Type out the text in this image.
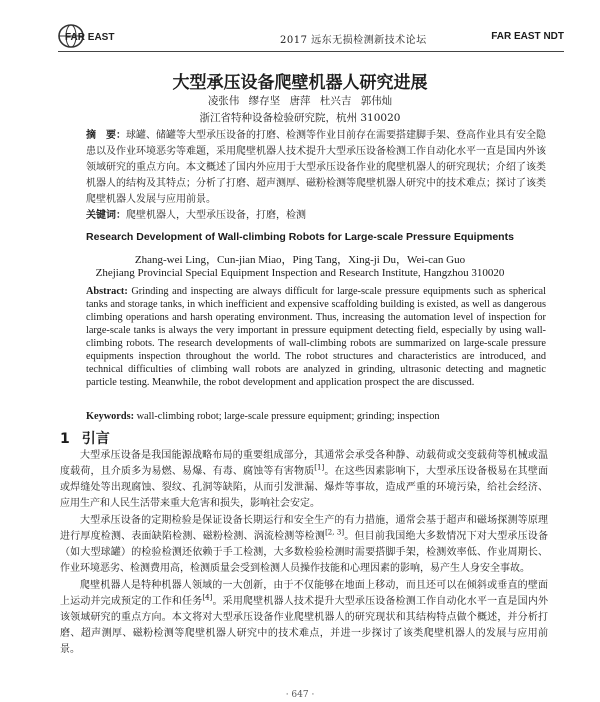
FAR EAST	2017 远东无损检测新技术论坛	FAR EAST NDT
大型承压设备爬壁机器人研究进展
凌张伟 缪存坚 唐萍 杜兴吉 郭伟灿
浙江省特种设备检验研究院，杭州 310020
摘　要：球罐、储罐等大型承压设备的打磨、检测等作业目前存在需要搭建脚手架、登高作业具有安全隐患以及作业环境恶劣等难题，采用爬壁机器人技术提升大型承压设备检测工作自动化水平一直是国内外该领域研究的重点方向。本文概述了国内外应用于大型承压设备作业的爬壁机器人的研究现状；介绍了该类机器人的结构及其特点；分析了打磨、超声测厚、磁粉检测等爬壁机器人研究中的技术难点；探讨了该类爬壁机器人发展与应用前景。
关键词：爬壁机器人，大型承压设备，打磨，检测
Research Development of Wall-climbing Robots for Large-scale Pressure Equipments
Zhang-wei Ling，Cun-jian Miao，Ping Tang，Xing-ji Du，Wei-can Guo
Zhejiang Provincial Special Equipment Inspection and Research Institute, Hangzhou 310020
Abstract: Grinding and inspecting are always difficult for large-scale pressure equipments such as spherical tanks and storage tanks, in which inefficient and expensive scaffolding building is existed, as well as dangerous climbing operations and harsh operating environment. Thus, increasing the automation level of inspection for large-scale tanks is always the very important in pressure equipment detecting field, especially by using wall-climbing robots. The research developments of wall-climbing robots are summarized on large-scale pressure equipments inspection throughout the world. The robot structures and characteristics are introduced, and technical difficulties of climbing wall robots are analyzed in grinding, ultrasonic detecting and magnetic particle testing. Meanwhile, the robot development and application prospect the are discussed.
Keywords: wall-climbing robot; large-scale pressure equipment; grinding; inspection
1 引言

大型承压设备是我国能源战略布局的重要组成部分，其通常会承受各种静、动载荷或交变载荷等机械或温度载荷，且介质多为易燃、易爆、有毒、腐蚀等有害物质[1]。在这些因素影响下，大型承压设备极易在其壁面或焊缝处等出现腐蚀、裂纹、孔洞等缺陷，从而引发泄漏、爆炸等事故，造成严重的环境污染，给社会经济、应用生产和人民生活带来重大危害和损失，影响社会安定。

大型承压设备的定期检验是保证设备长期运行和安全生产的有力措施，通常会基于超声和磁场探测等原理进行厚度检测、表面缺陷检测、磁粉检测、涡流检测等检测[2, 3]。但目前我国绝大多数情况下对大型承压设备（如大型球罐）的检验检测还依赖于手工检测，大多数检验检测时需要搭脚手架，检测效率低、作业周期长、作业环境恶劣、检测费用高，检测质量会受到检测人员操作技能和心理因素的影响，易产生人身安全事故。

爬壁机器人是特种机器人领域的一大创新，由于不仅能够在地面上移动，而且还可以在倾斜或垂直的壁面上运动并完成预定的工作和任务[4]。采用爬壁机器人技术提升大型承压设备检测工作自动化水平一直是国内外该领域研究的重点方向。本文将对大型承压设备作业爬壁机器人的研究现状和其结构特点做个概述，并分析打磨、超声测厚、磁粉检测等爬壁机器人研究中的技术难点，并进一步探讨了该类爬壁机器人的发展与应用前景。

· 647 ·
